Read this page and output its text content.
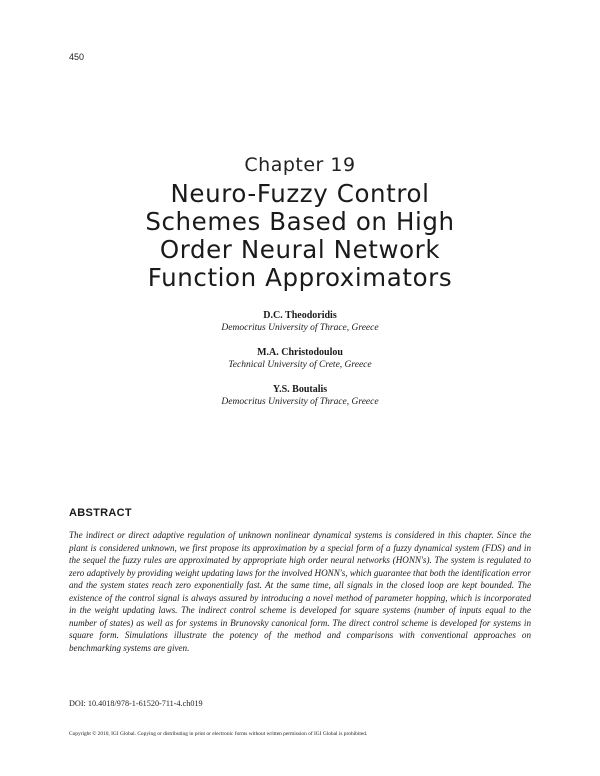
450
Chapter 19
Neuro-Fuzzy Control
Schemes Based on High
Order Neural Network
Function Approximators
D.C. Theodoridis
Democritus University of Thrace, Greece
M.A. Christodoulou
Technical University of Crete, Greece
Y.S. Boutalis
Democritus University of Thrace, Greece
ABSTRACT
The indirect or direct adaptive regulation of unknown nonlinear dynamical systems is considered in this chapter. Since the plant is considered unknown, we first propose its approximation by a special form of a fuzzy dynamical system (FDS) and in the sequel the fuzzy rules are approximated by appropriate high order neural networks (HONN's). The system is regulated to zero adaptively by providing weight updating laws for the involved HONN's, which guarantee that both the identification error and the system states reach zero exponentially fast. At the same time, all signals in the closed loop are kept bounded. The existence of the control signal is always assured by introducing a novel method of parameter hopping, which is incorporated in the weight updating laws. The indirect control scheme is developed for square systems (number of inputs equal to the number of states) as well as for systems in Brunovsky canonical form. The direct control scheme is developed for systems in square form. Simulations illustrate the potency of the method and comparisons with conventional approaches on benchmarking systems are given.
DOI: 10.4018/978-1-61520-711-4.ch019
Copyright © 2010, IGI Global. Copying or distributing in print or electronic forms without written permission of IGI Global is prohibited.
